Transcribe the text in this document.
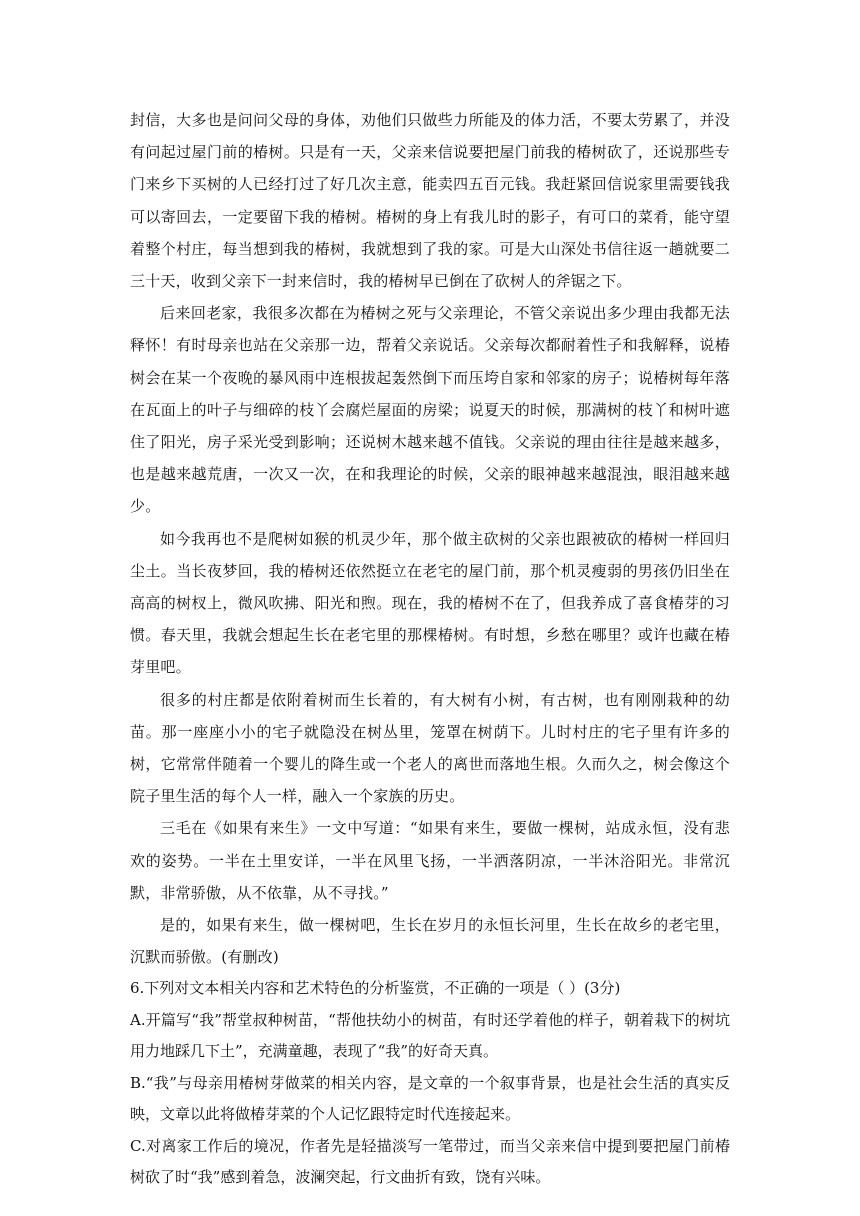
封信，大多也是问问父母的身体，劝他们只做些力所能及的体力活，不要太劳累了，并没有问起过屋门前的椿树。只是有一天，父亲来信说要把屋门前我的椿树砍了，还说那些专门来乡下买树的人已经打过了好几次主意，能卖四五百元钱。我赶紧回信说家里需要钱我可以寄回去，一定要留下我的椿树。椿树的身上有我儿时的影子，有可口的菜肴，能守望着整个村庄，每当想到我的椿树，我就想到了我的家。可是大山深处书信往返一趟就要二三十天，收到父亲下一封来信时，我的椿树早已倒在了砍树人的斧锯之下。

后来回老家，我很多次都在为椿树之死与父亲理论，不管父亲说出多少理由我都无法释怀！有时母亲也站在父亲那一边，帮着父亲说话。父亲每次都耐着性子和我解释，说椿树会在某一个夜晚的暴风雨中连根拔起轰然倒下而压垮自家和邻家的房子；说椿树每年落在瓦面上的叶子与细碎的枝丫会腐烂屋面的房梁；说夏天的时候，那满树的枝丫和树叶遮住了阳光，房子采光受到影响；还说树木越来越不值钱。父亲说的理由往往是越来越多，也是越来越荒唐，一次又一次，在和我理论的时候，父亲的眼神越来越混浊，眼泪越来越少。

如今我再也不是爬树如猴的机灵少年，那个做主砍树的父亲也跟被砍的椿树一样回归尘土。当长夜梦回，我的椿树还依然挺立在老宅的屋门前，那个机灵瘦弱的男孩仍旧坐在高高的树杈上，微风吹拂、阳光和煦。现在，我的椿树不在了，但我养成了喜食椿芽的习惯。春天里，我就会想起生长在老宅里的那棵椿树。有时想，乡愁在哪里？或许也藏在椿芽里吧。

很多的村庄都是依附着树而生长着的，有大树有小树，有古树，也有刚刚栽种的幼苗。那一座座小小的宅子就隐没在树丛里，笼罩在树荫下。儿时村庄的宅子里有许多的树，它常常伴随着一个婴儿的降生或一个老人的离世而落地生根。久而久之，树会像这个院子里生活的每个人一样，融入一个家族的历史。

三毛在《如果有来生》一文中写道：“如果有来生，要做一棵树，站成永恒，没有悲欢的姿势。一半在土里安详，一半在风里飞扬，一半洒落阴凉，一半沐浴阳光。非常沉默，非常骄傲，从不依靠，从不寻找。”

是的，如果有来生，做一棵树吧，生长在岁月的永恒长河里，生长在故乡的老宅里，沉默而骄傲。(有删改)

6.下列对文本相关内容和艺术特色的分析鉴赏，不正确的一项是（ ）(3分)

A.开篇写“我”帮堂叔种树苗，“帮他扶幼小的树苗，有时还学着他的样子，朝着栽下的树坑用力地踩几下土”，充满童趣，表现了“我”的好奇天真。

B.“我”与母亲用椿树芽做菜的相关内容，是文章的一个叙事背景，也是社会生活的真实反映，文章以此将做椿芽菜的个人记忆跟特定时代连接起来。

C.对离家工作后的境况，作者先是轻描淡写一笔带过，而当父亲来信中提到要把屋门前椿树砍了时“我”感到着急，波澜突起，行文曲折有致，饶有兴味。
